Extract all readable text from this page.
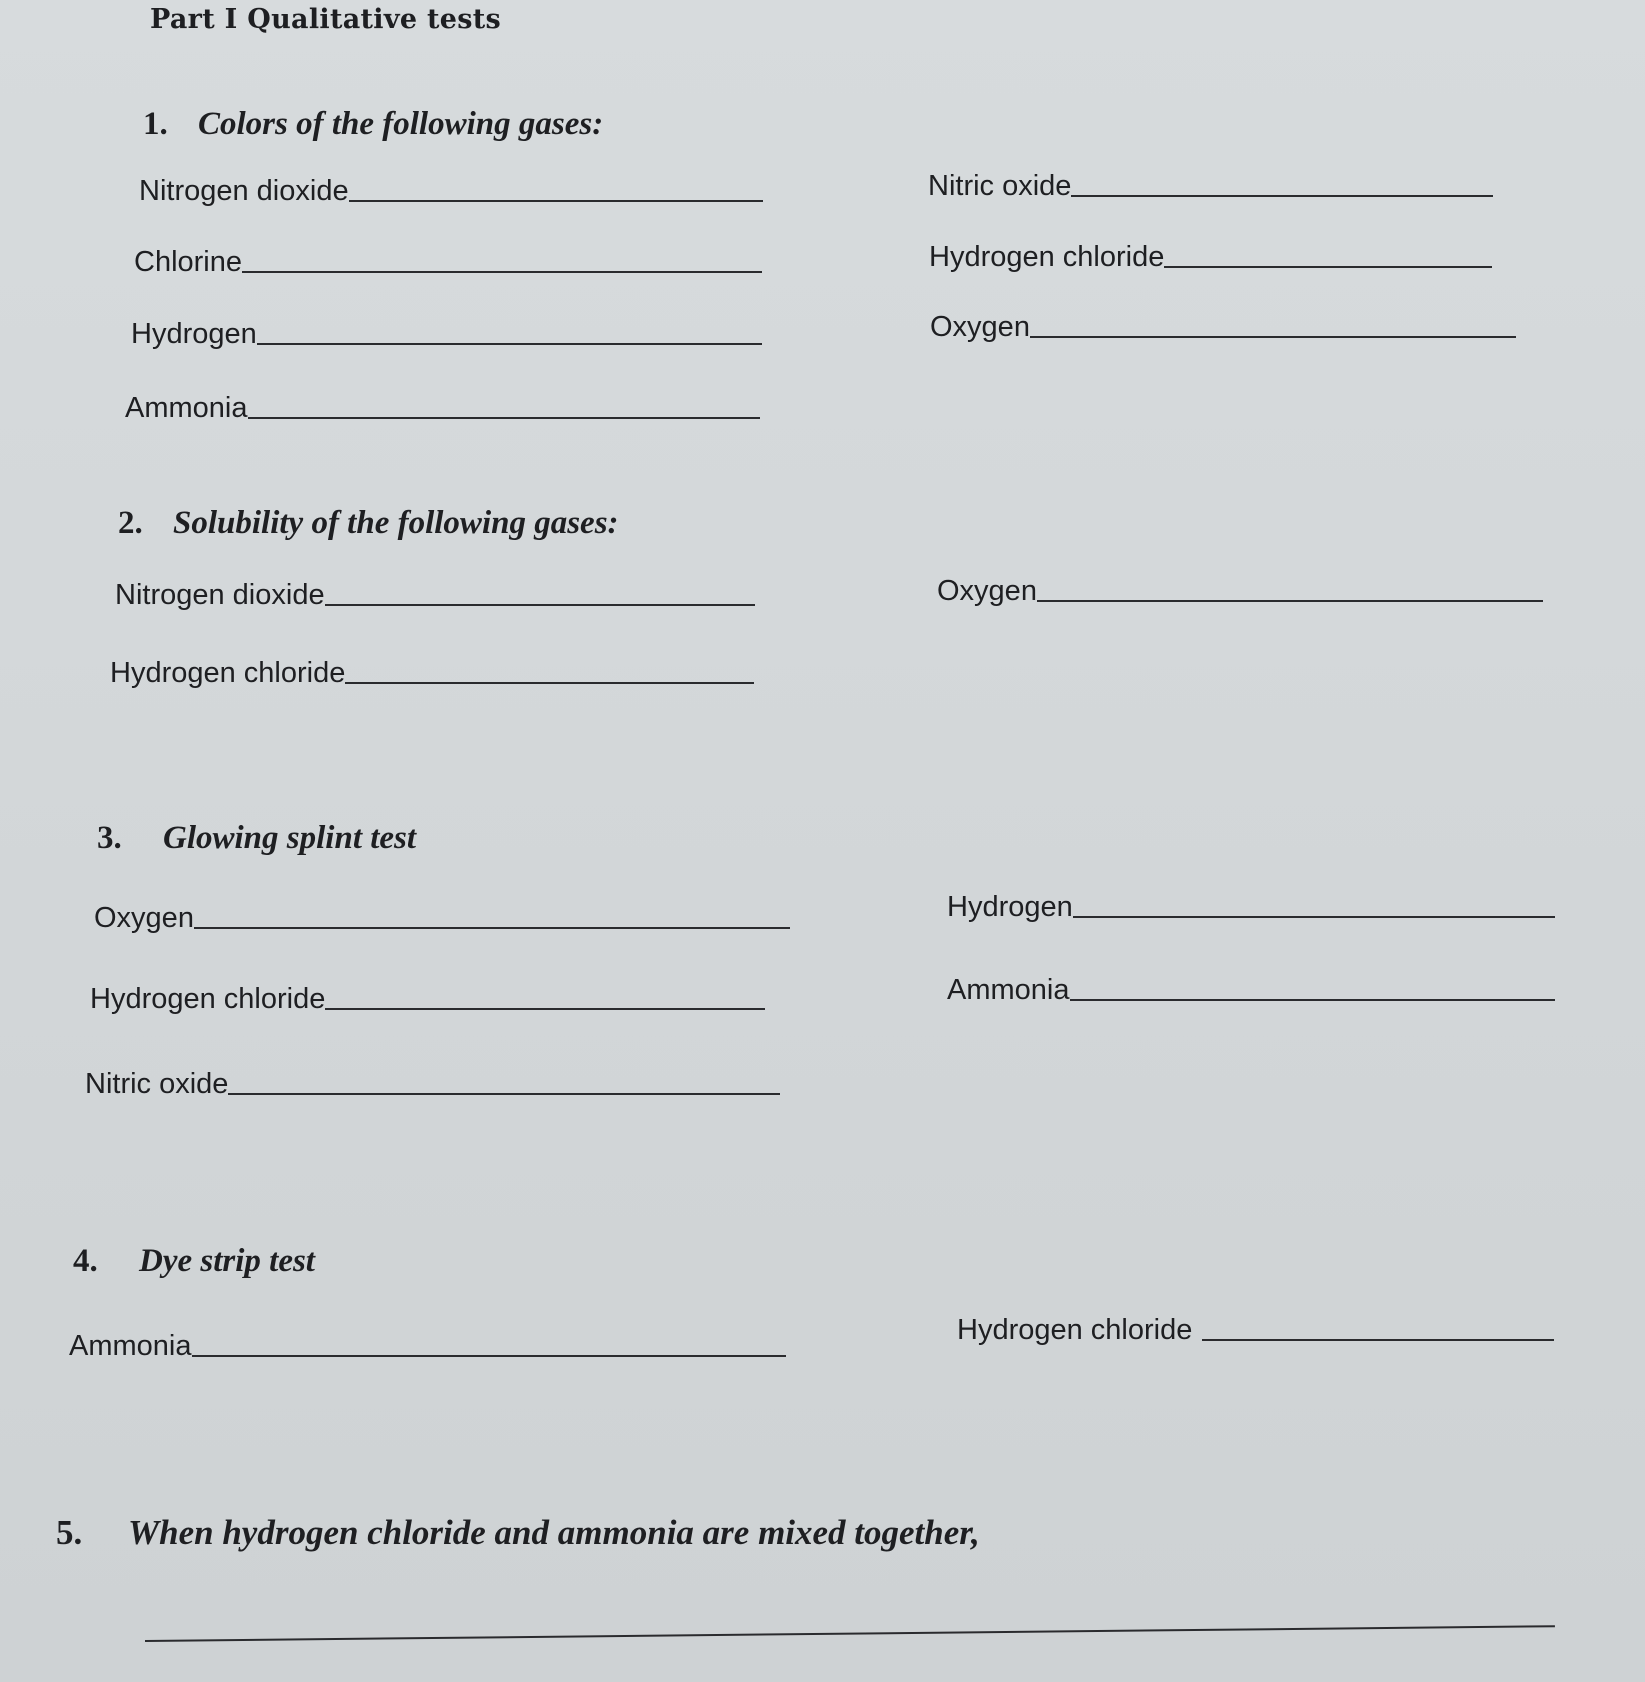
Part I Qualitative tests
1. Colors of the following gases:
Nitrogen dioxide	Nitric oxide
Chlorine	Hydrogen chloride
Hydrogen	Oxygen
Ammonia
2. Solubility of the following gases:
Nitrogen dioxide	Oxygen
Hydrogen chloride
3. Glowing splint test
Oxygen	Hydrogen
Hydrogen chloride	Ammonia
Nitric oxide
4. Dye strip test
Ammonia	Hydrogen chloride
5. When hydrogen chloride and ammonia are mixed together,
